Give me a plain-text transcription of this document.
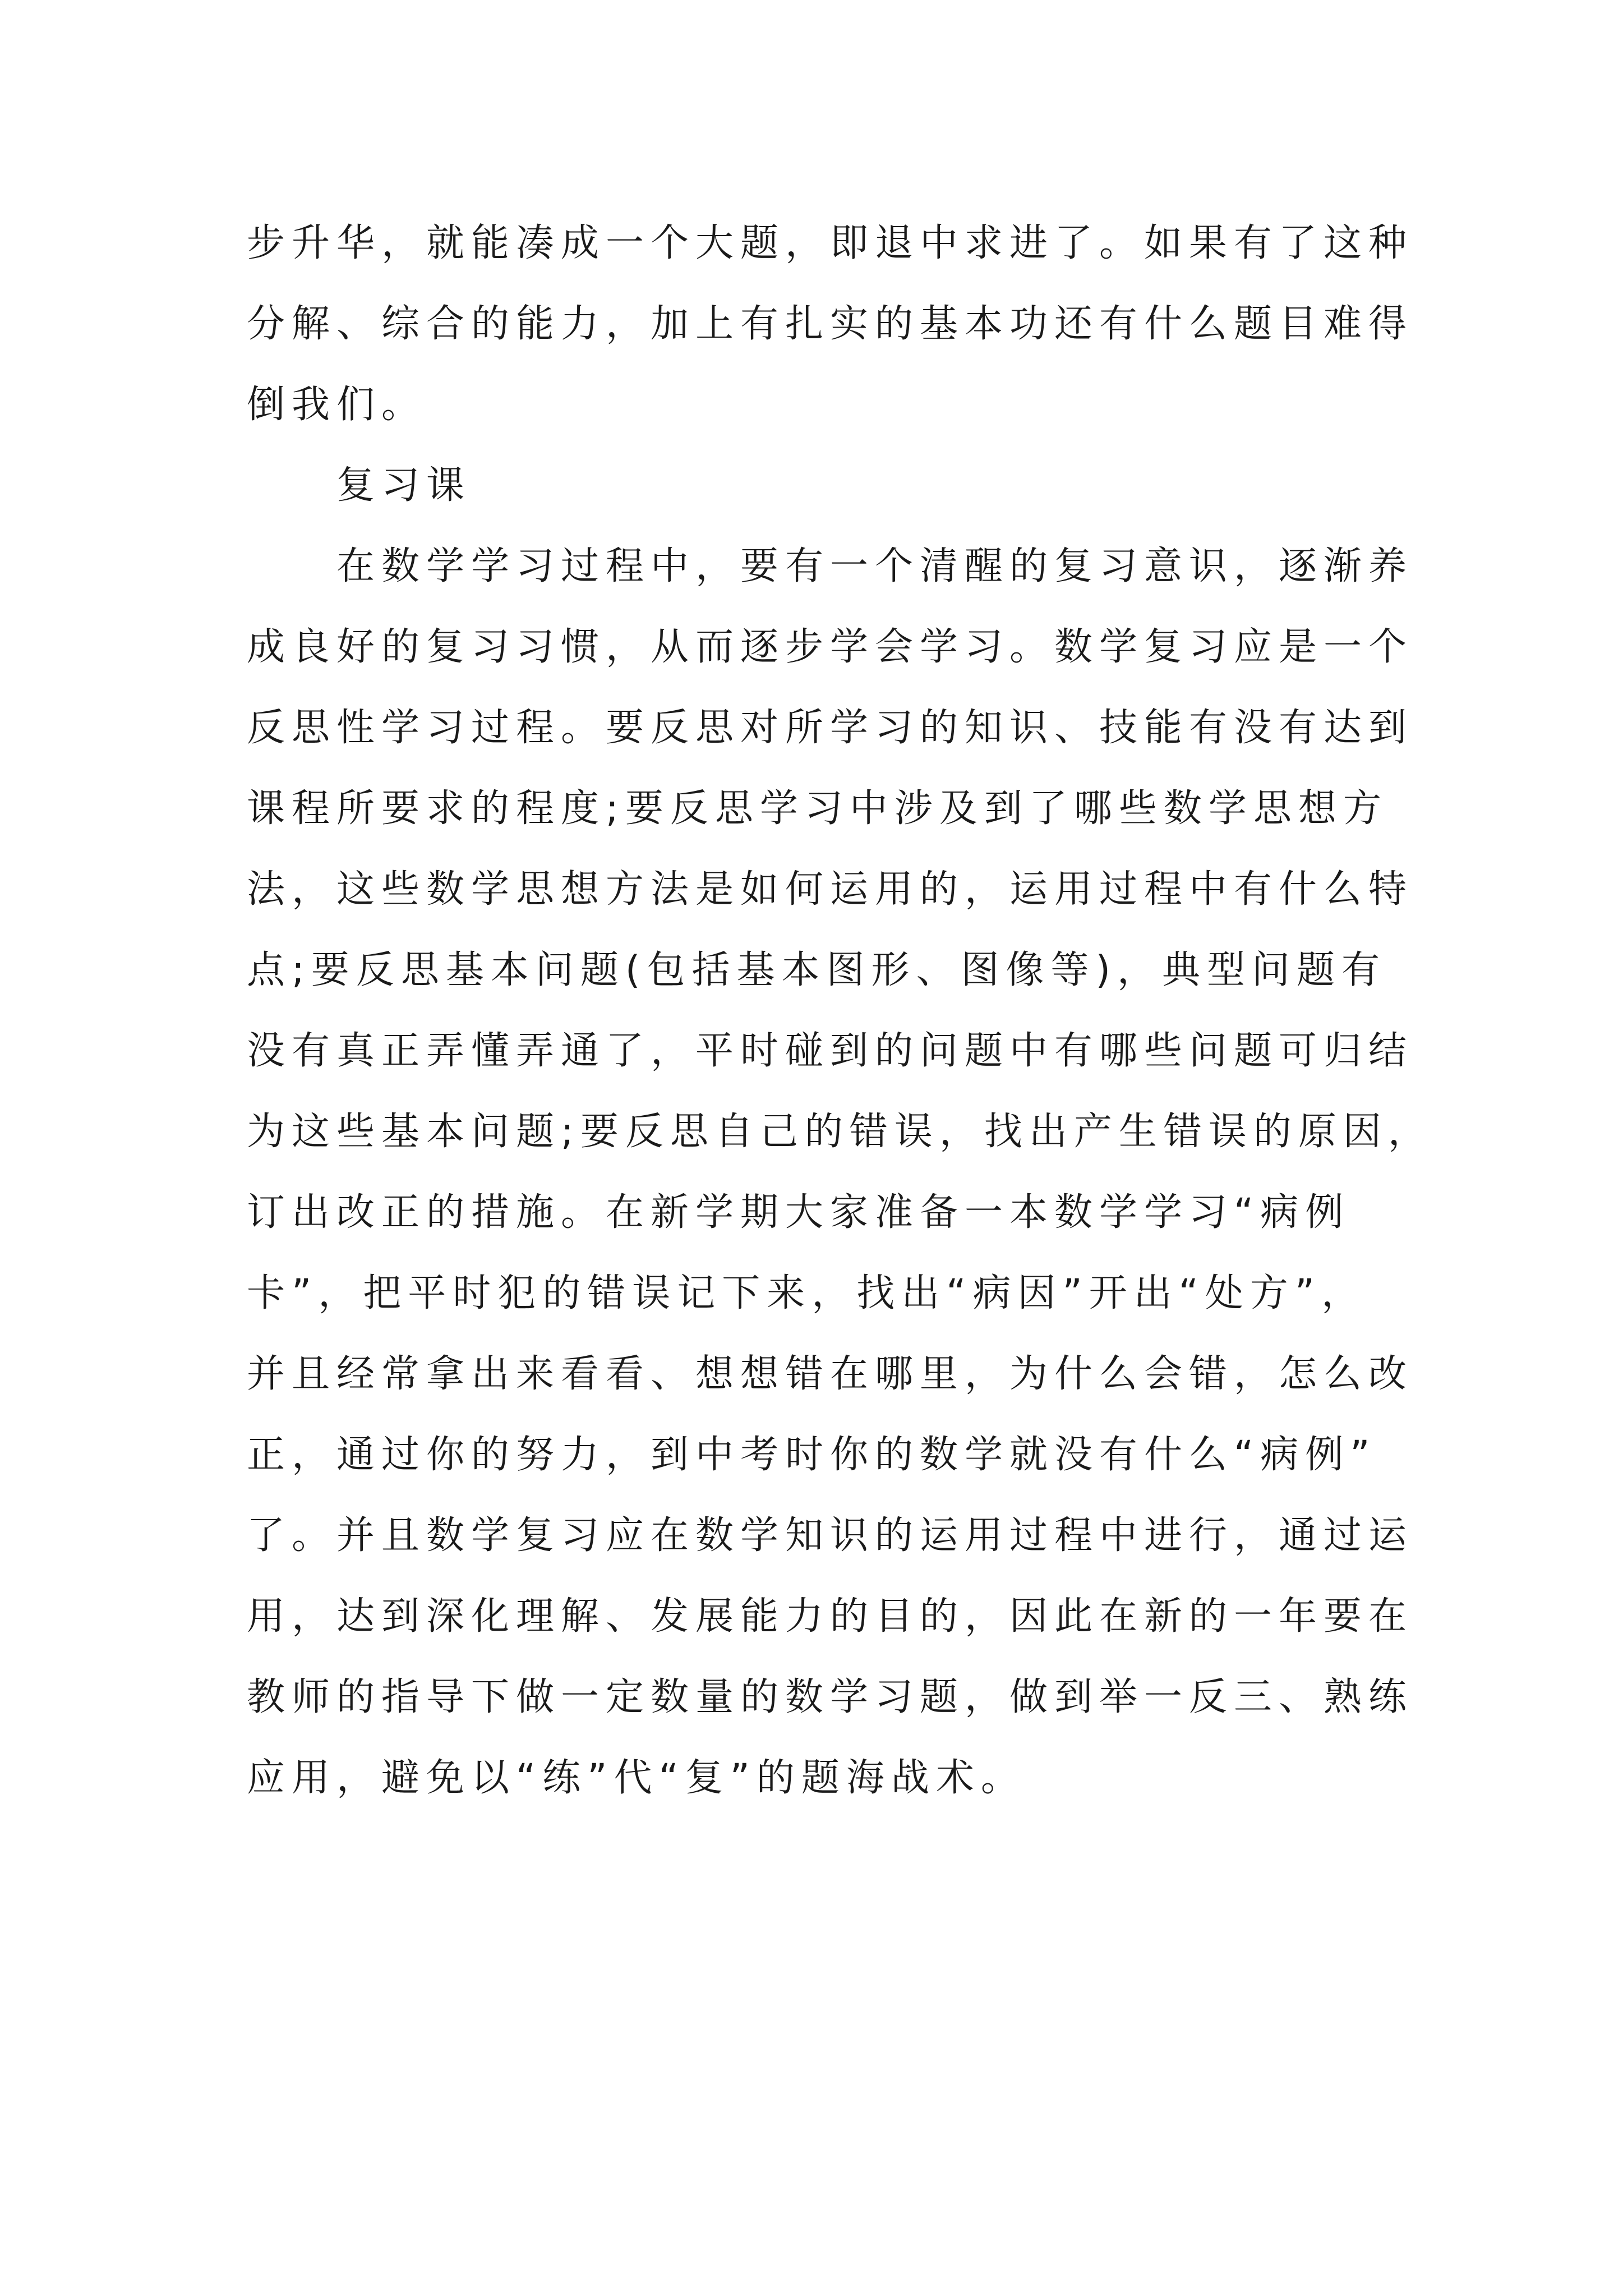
步升华，就能凑成一个大题，即退中求进了。如果有了这种
分解、综合的能力，加上有扎实的基本功还有什么题目难得
倒我们。
复习课
在数学学习过程中，要有一个清醒的复习意识，逐渐养
成良好的复习习惯，从而逐步学会学习。数学复习应是一个
反思性学习过程。要反思对所学习的知识、技能有没有达到
课程所要求的程度;要反思学习中涉及到了哪些数学思想方
法，这些数学思想方法是如何运用的，运用过程中有什么特
点;要反思基本问题(包括基本图形、图像等)，典型问题有
没有真正弄懂弄通了，平时碰到的问题中有哪些问题可归结
为这些基本问题;要反思自己的错误，找出产生错误的原因，
订出改正的措施。在新学期大家准备一本数学学习“病例
卡”，把平时犯的错误记下来，找出“病因”开出“处方”，
并且经常拿出来看看、想想错在哪里，为什么会错，怎么改
正，通过你的努力，到中考时你的数学就没有什么“病例”
了。并且数学复习应在数学知识的运用过程中进行，通过运
用，达到深化理解、发展能力的目的，因此在新的一年要在
教师的指导下做一定数量的数学习题，做到举一反三、熟练
应用，避免以“练”代“复”的题海战术。
